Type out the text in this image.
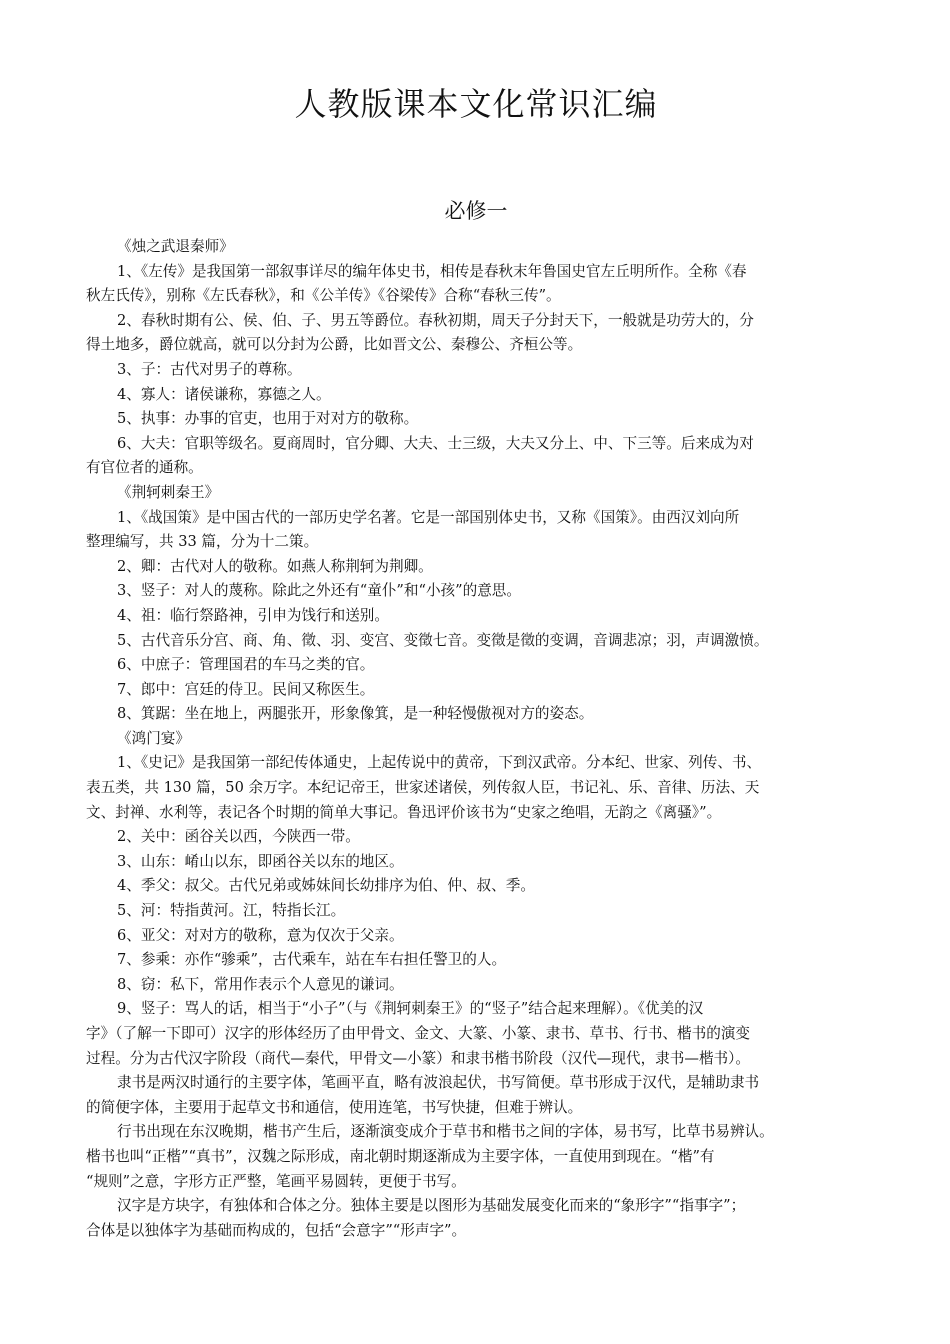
人教版课本文化常识汇编
必修一
《烛之武退秦师》
1、《左传》是我国第一部叙事详尽的编年体史书，相传是春秋末年鲁国史官左丘明所作。全称《春
秋左氏传》，别称《左氏春秋》，和《公羊传》《谷梁传》合称“春秋三传”。
2、春秋时期有公、侯、伯、子、男五等爵位。春秋初期，周天子分封天下，一般就是功劳大的，分
得土地多，爵位就高，就可以分封为公爵，比如晋文公、秦穆公、齐桓公等。
3、子：古代对男子的尊称。
4、寡人：诸侯谦称，寡德之人。
5、执事：办事的官吏，也用于对对方的敬称。
6、大夫：官职等级名。夏商周时，官分卿、大夫、士三级，大夫又分上、中、下三等。后来成为对
有官位者的通称。
《荆轲刺秦王》
1、《战国策》是中国古代的一部历史学名著。它是一部国别体史书，又称《国策》。由西汉刘向所
整理编写，共 33 篇，分为十二策。
2、卿：古代对人的敬称。如燕人称荆轲为荆卿。
3、竖子：对人的蔑称。除此之外还有“童仆”和“小孩”的意思。
4、祖：临行祭路神，引申为饯行和送别。
5、古代音乐分宫、商、角、徵、羽、变宫、变徵七音。变徵是徵的变调，音调悲凉；羽，声调激愤。
6、中庶子：管理国君的车马之类的官。
7、郎中：宫廷的侍卫。民间又称医生。
8、箕踞：坐在地上，两腿张开，形象像箕，是一种轻慢傲视对方的姿态。
《鸿门宴》
1、《史记》是我国第一部纪传体通史，上起传说中的黄帝，下到汉武帝。分本纪、世家、列传、书、
表五类，共 130 篇，50 余万字。本纪记帝王，世家述诸侯，列传叙人臣，书记礼、乐、音律、历法、天
文、封禅、水利等，表记各个时期的简单大事记。鲁迅评价该书为“史家之绝唱，无韵之《离骚》”。
2、关中：函谷关以西，今陕西一带。
3、山东：崤山以东，即函谷关以东的地区。
4、季父：叔父。古代兄弟或姊妹间长幼排序为伯、仲、叔、季。
5、河：特指黄河。江，特指长江。
6、亚父：对对方的敬称，意为仅次于父亲。
7、参乘：亦作“骖乘”，古代乘车，站在车右担任警卫的人。
8、窃：私下，常用作表示个人意见的谦词。
9、竖子：骂人的话，相当于“小子”（与《荆轲刺秦王》的“竖子”结合起来理解）。《优美的汉
字》（了解一下即可）汉字的形体经历了由甲骨文、金文、大篆、小篆、隶书、草书、行书、楷书的演变
过程。分为古代汉字阶段（商代—秦代，甲骨文—小篆）和隶书楷书阶段（汉代—现代，隶书—楷书）。
隶书是两汉时通行的主要字体，笔画平直，略有波浪起伏，书写简便。草书形成于汉代，是辅助隶书
的简便字体，主要用于起草文书和通信，使用连笔，书写快捷，但难于辨认。
行书出现在东汉晚期，楷书产生后，逐渐演变成介于草书和楷书之间的字体，易书写，比草书易辨认。
楷书也叫“正楷”“真书”，汉魏之际形成，南北朝时期逐渐成为主要字体，一直使用到现在。“楷”有
“规则”之意，字形方正严整，笔画平易圆转，更便于书写。
汉字是方块字，有独体和合体之分。独体主要是以图形为基础发展变化而来的“象形字”“指事字”；
合体是以独体字为基础而构成的，包括“会意字”“形声字”。
